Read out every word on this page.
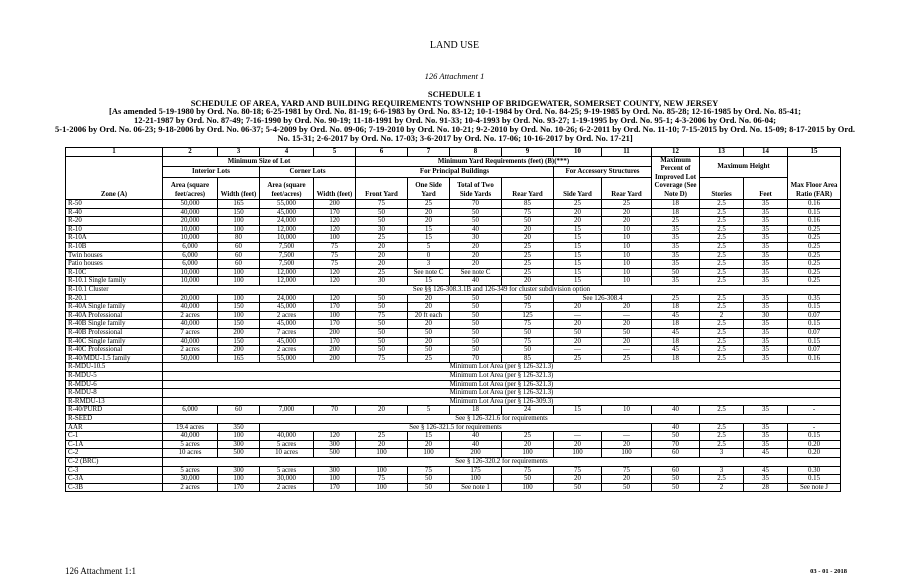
LAND USE
126 Attachment 1
SCHEDULE 1
SCHEDULE OF AREA, YARD AND BUILDING REQUIREMENTS TOWNSHIP OF BRIDGEWATER, SOMERSET COUNTY, NEW JERSEY
[As amended 5-19-1980 by Ord. No. 80-18; 6-25-1981 by Ord. No. 81-19; 6-6-1983 by Ord. No. 83-12; 10-1-1984 by Ord. No. 84-25; 9-19-1985 by Ord. No. 85-28; 12-16-1985 by Ord. No. 85-41;
12-21-1987 by Ord. No. 87-49; 7-16-1990 by Ord. No. 90-19; 11-18-1991 by Ord. No. 91-33; 10-4-1993 by Ord. No. 93-27; 1-19-1995 by Ord. No. 95-1; 4-3-2006 by Ord. No. 06-04;
5-1-2006 by Ord. No. 06-23; 9-18-2006 by Ord. No. 06-37; 5-4-2009 by Ord. No. 09-06; 7-19-2010 by Ord. No. 10-21; 9-2-2010 by Ord. No. 10-26; 6-2-2011 by Ord. No. 11-10; 7-15-2015 by Ord. No. 15-09; 8-17-2015 by Ord.
No. 15-31; 2-6-2017 by Ord. No. 17-03; 3-6-2017 by Ord. No. 17-06; 10-16-2017 by Ord. No. 17-21]
1	2	3	4	5	6	7	8	9	10	11	12	13	14	15
Zone (A)	Minimum Size of Lot				Minimum Yard Requirements (feet) (B)(***)						Maximum Percent of Improved Lot Coverage (See Note D)	Maximum Height		Max Floor Area Ratio (FAR)
	Interior Lots		Corner Lots		For Principal Buildings				For Accessory Structures					
	Area (square feet/acres)	Width (feet)	Area (square feet/acres)	Width (feet)	Front Yard	One Side Yard	Total of Two Side Yards	Rear Yard	Side Yard	Rear Yard		Stories	Feet	
R-50	50,000	165	55,000	200	75	25	70	85	25	25	18	2.5	35	0.16
R-40	40,000	150	45,000	170	50	20	50	75	20	20	18	2.5	35	0.15
R-20	20,000	100	24,000	120	50	20	50	50	20	20	25	2.5	35	0.16
R-10	10,000	100	12,000	120	30	15	40	20	15	10	35	2.5	35	0.25
R-10A	10,000	80	10,000	100	25	15	30	20	15	10	35	2.5	35	0.25
R-10B	6,000	60	7,500	75	20	5	20	25	15	10	35	2.5	35	0.25
Twin houses	6,000	60	7,500	75	20	0	20	25	15	10	35	2.5	35	0.25
Patio houses	6,000	60	7,500	75	20	3	20	25	15	10	35	2.5	35	0.25
R-10C	10,000	100	12,000	120	25	See note C	See note C	25	15	10	50	2.5	35	0.25
R-10.1 Single family	10,000	100	12,000	120	30	15	40	20	15	10	35	2.5	35	0.25
R-10.1 Cluster	See §§ 126-308.3.1B and 126-349 for cluster subdivision option													
R-20.1	20,000	100	24,000	120	50	20	50	50	See 126-308.4		25	2.5	35	0.35
R-40A Single family	40,000	150	45,000	170	50	20	50	75	20	20	18	2.5	35	0.15
R-40A Professional	2 acres	100	2 acres	100	75	20 ft each	50	125	—	—	45	2	30	0.07
R-40B Single family	40,000	150	45,000	170	50	20	50	75	20	20	18	2.5	35	0.15
R-40B Professional	7 acres	200	7 acres	200	50	50	50	50	50	50	45	2.5	35	0.07
R-40C Single family	40,000	150	45,000	170	50	20	50	75	20	20	18	2.5	35	0.15
R-40C Professional	2 acres	200	2 acres	200	50	50	50	50	—	—	45	2.5	35	0.07
R-40/MDU-1.5 family	50,000	165	55,000	200	75	25	70	85	25	25	18	2.5	35	0.16
R-MDU-10.5	Minimum Lot Area (per § 126-321.3)													
R-MDU-5	Minimum Lot Area (per § 126-321.3)													
R-MDU-6	Minimum Lot Area (per § 126-321.3)													
R-MDU-8	Minimum Lot Area (per § 126-321.3)													
R-RMDU-13	Minimum Lot Area (per § 126-309.3)													
R-40/PURD	6,000	60	7,000	70	20	5	18	24	15	10	40	2.5	35	-
R-SEED	See § 126-321.6 for requirements													
AAR	19.4 acres	350	See § 126-321.5 for requirements								40	2.5	35	-
C-1	40,000	100	40,000	120	25	15	40	25	—	—	50	2.5	35	0.15
C-1A	5 acres	300	5 acres	300	20	20	40	20	20	20	70	2.5	35	0.20
C-2	10 acres	500	10 acres	500	100	100	200	100	100	100	60	3	45	0.20
C-2 (BRC)	See § 126-320.2 for requirements													
C-3	5 acres	300	5 acres	300	100	75	175	75	75	75	60	3	45	0.30
C-3A	30,000	100	30,000	100	75	50	100	50	20	20	50	2.5	35	0.15
C-3B	2 acres	170	2 acres	170	100	50	See note 1	100	50	50	50	2	28	See note J
126 Attachment 1:1	03 - 01 - 2018
